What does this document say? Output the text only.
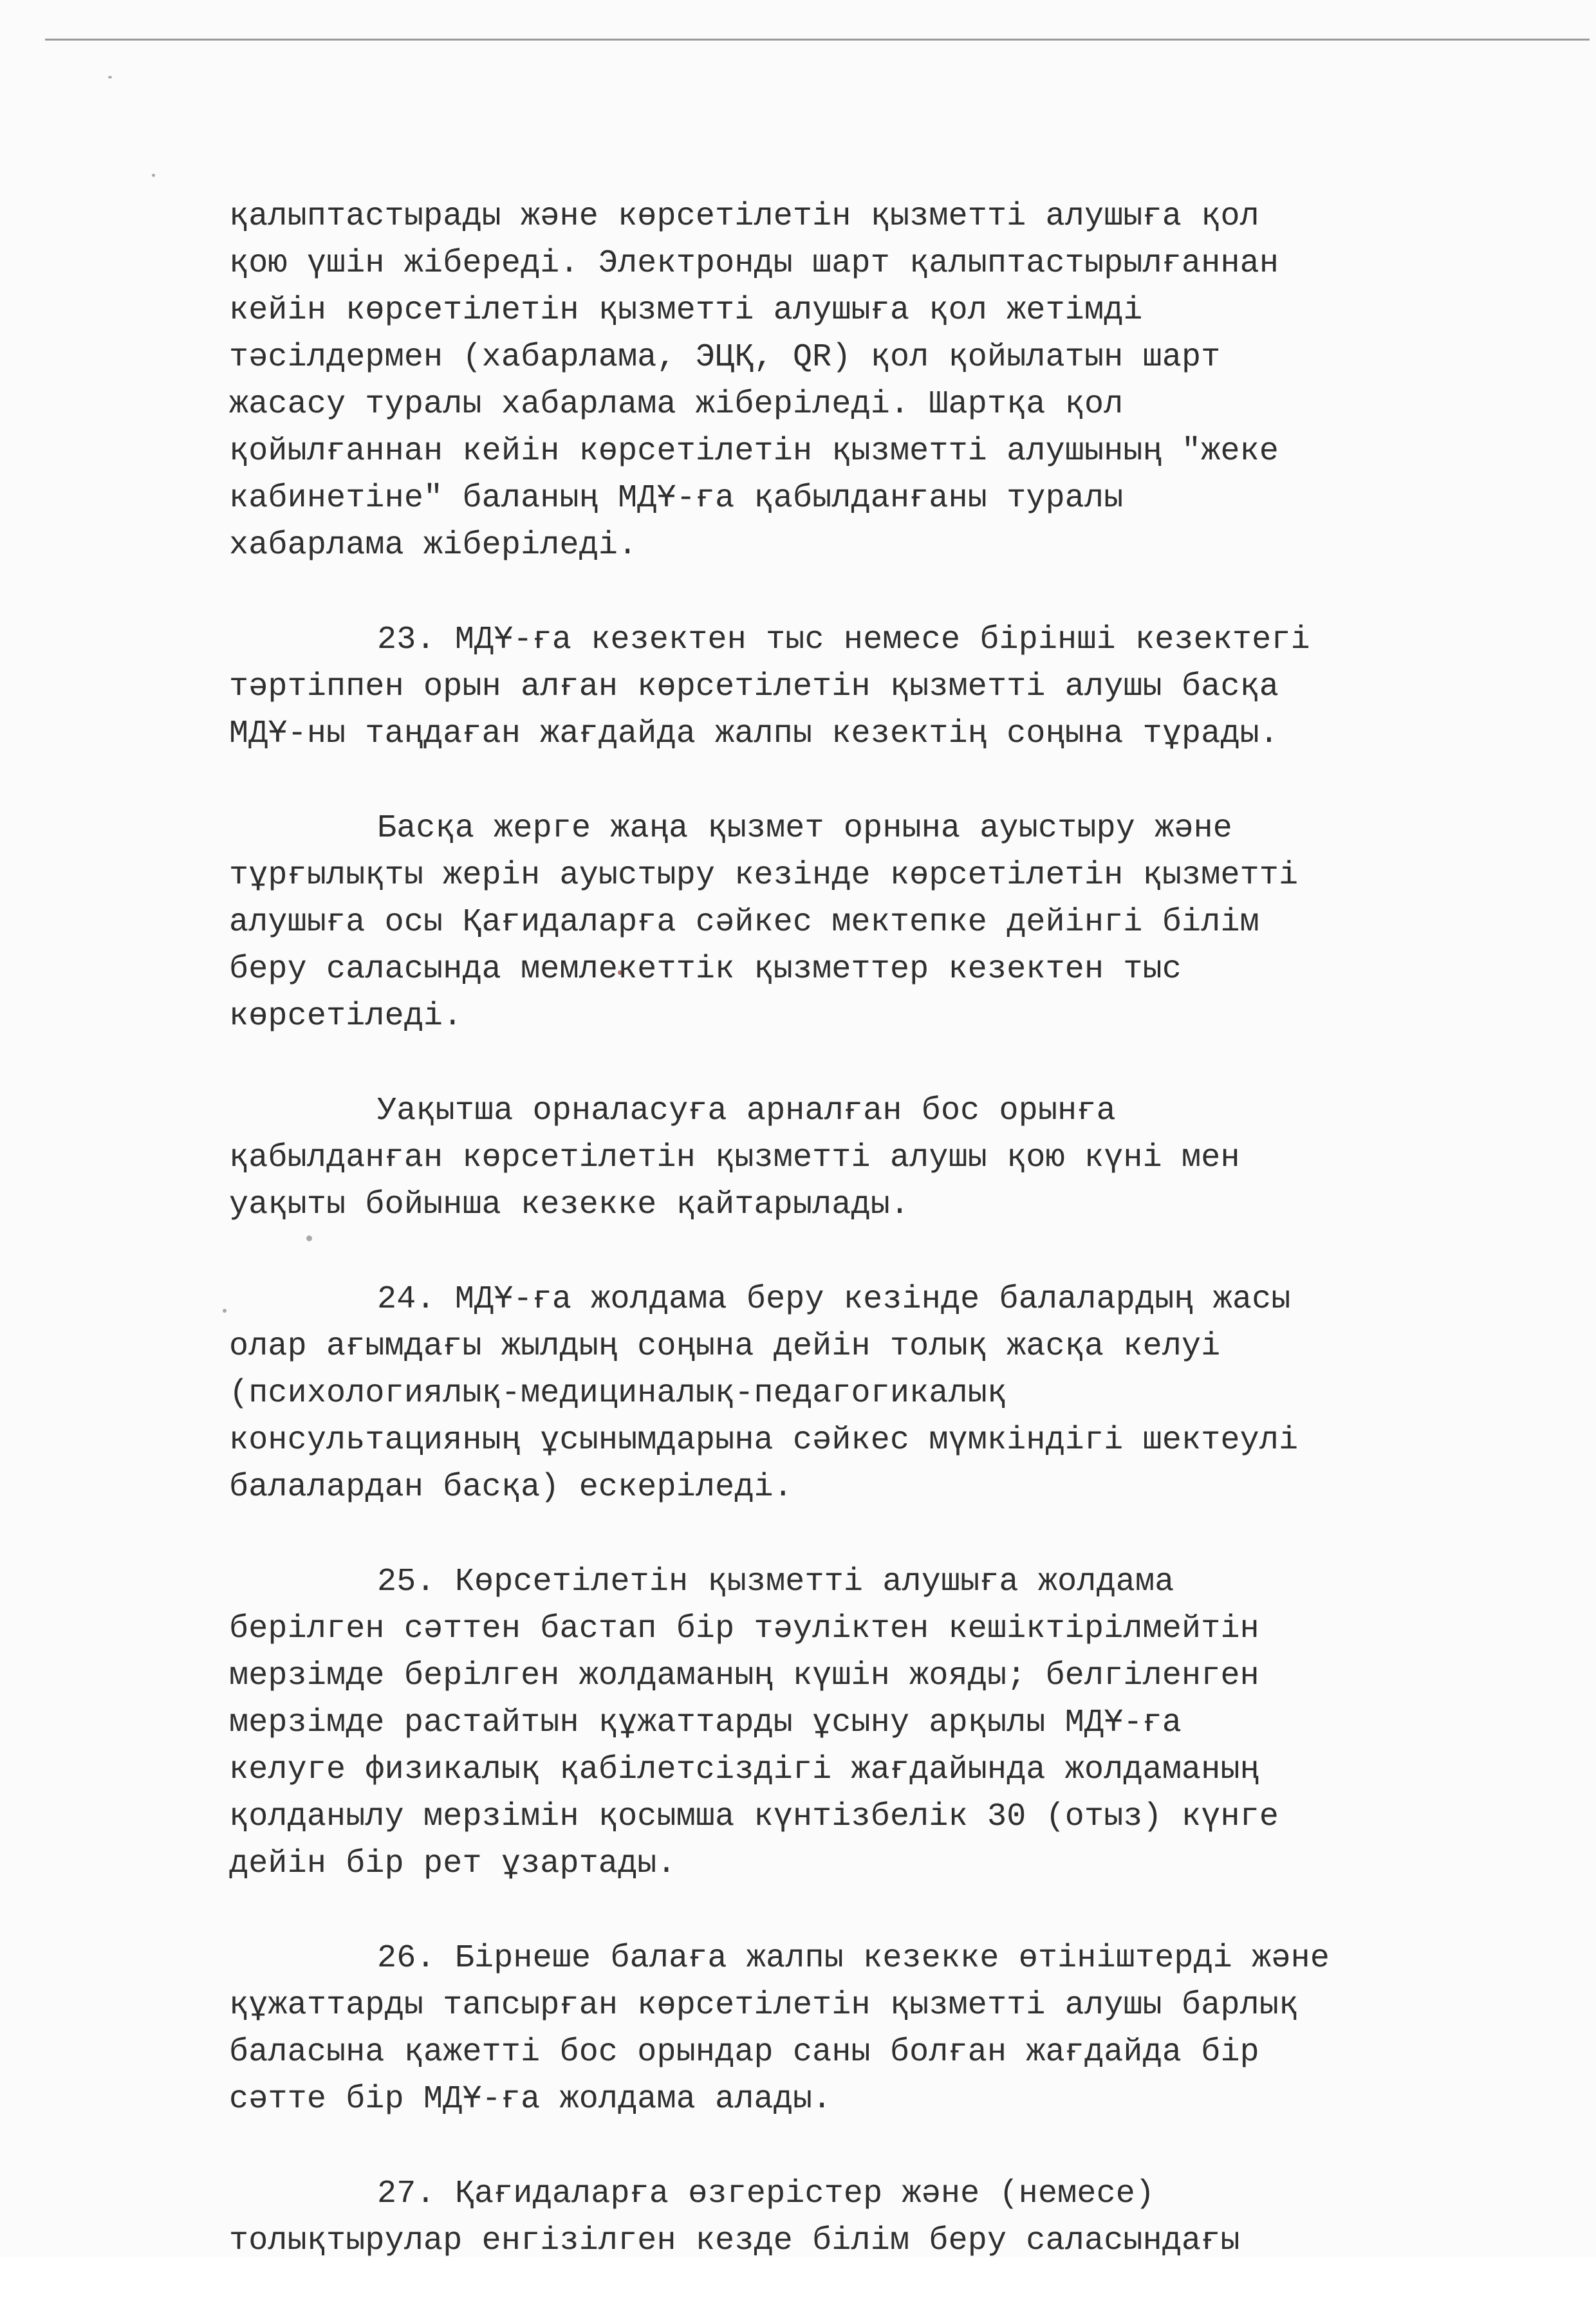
қалыптастырады және көрсетілетін қызметті алушыға қол
қою үшін жібереді. Электронды шарт қалыптастырылғаннан
кейін көрсетілетін қызметті алушыға қол жетімді
тәсілдермен (хабарлама, ЭЦҚ, QR) қол қойылатын шарт
жасасу туралы хабарлама жіберіледі. Шартқа қол
қойылғаннан кейін көрсетілетін қызметті алушының "жеке
кабинетіне" баланың МДҰ-ға қабылданғаны туралы
хабарлама жіберіледі.

23. МДҰ-ға кезектен тыс немесе бірінші кезектегі
тәртіппен орын алған көрсетілетін қызметті алушы басқа
МДҰ-ны таңдаған жағдайда жалпы кезектің соңына тұрады.

Басқа жерге жаңа қызмет орнына ауыстыру және
тұрғылықты жерін ауыстыру кезінде көрсетілетін қызметті
алушыға осы Қағидаларға сәйкес мектепке дейінгі білім
беру саласында мемлекеттік қызметтер кезектен тыс
көрсетіледі.

Уақытша орналасуға арналған бос орынға
қабылданған көрсетілетін қызметті алушы қою күні мен
уақыты бойынша кезекке қайтарылады.

24. МДҰ-ға жолдама беру кезінде балалардың жасы
олар ағымдағы жылдың соңына дейін толық жасқа келуі
(психологиялық-медициналық-педагогикалық
консультацияның ұсынымдарына сәйкес мүмкіндігі шектеулі
балалардан басқа) ескеріледі.

25. Көрсетілетін қызметті алушыға жолдама
берілген сәттен бастап бір тәуліктен кешіктірілмейтін
мерзімде берілген жолдаманың күшін жояды; белгіленген
мерзімде растайтын құжаттарды ұсыну арқылы МДҰ-ға
келуге физикалық қабілетсіздігі жағдайында жолдаманың
қолданылу мерзімін қосымша күнтізбелік 30 (отыз) күнге
дейін бір рет ұзартады.

26. Бірнеше балаға жалпы кезекке өтініштерді және
құжаттарды тапсырған көрсетілетін қызметті алушы барлық
баласына қажетті бос орындар саны болған жағдайда бір
сәтте бір МДҰ-ға жолдама алады.

27. Қағидаларға өзгерістер және (немесе)
толықтырулар енгізілген кезде білім беру саласындағы
